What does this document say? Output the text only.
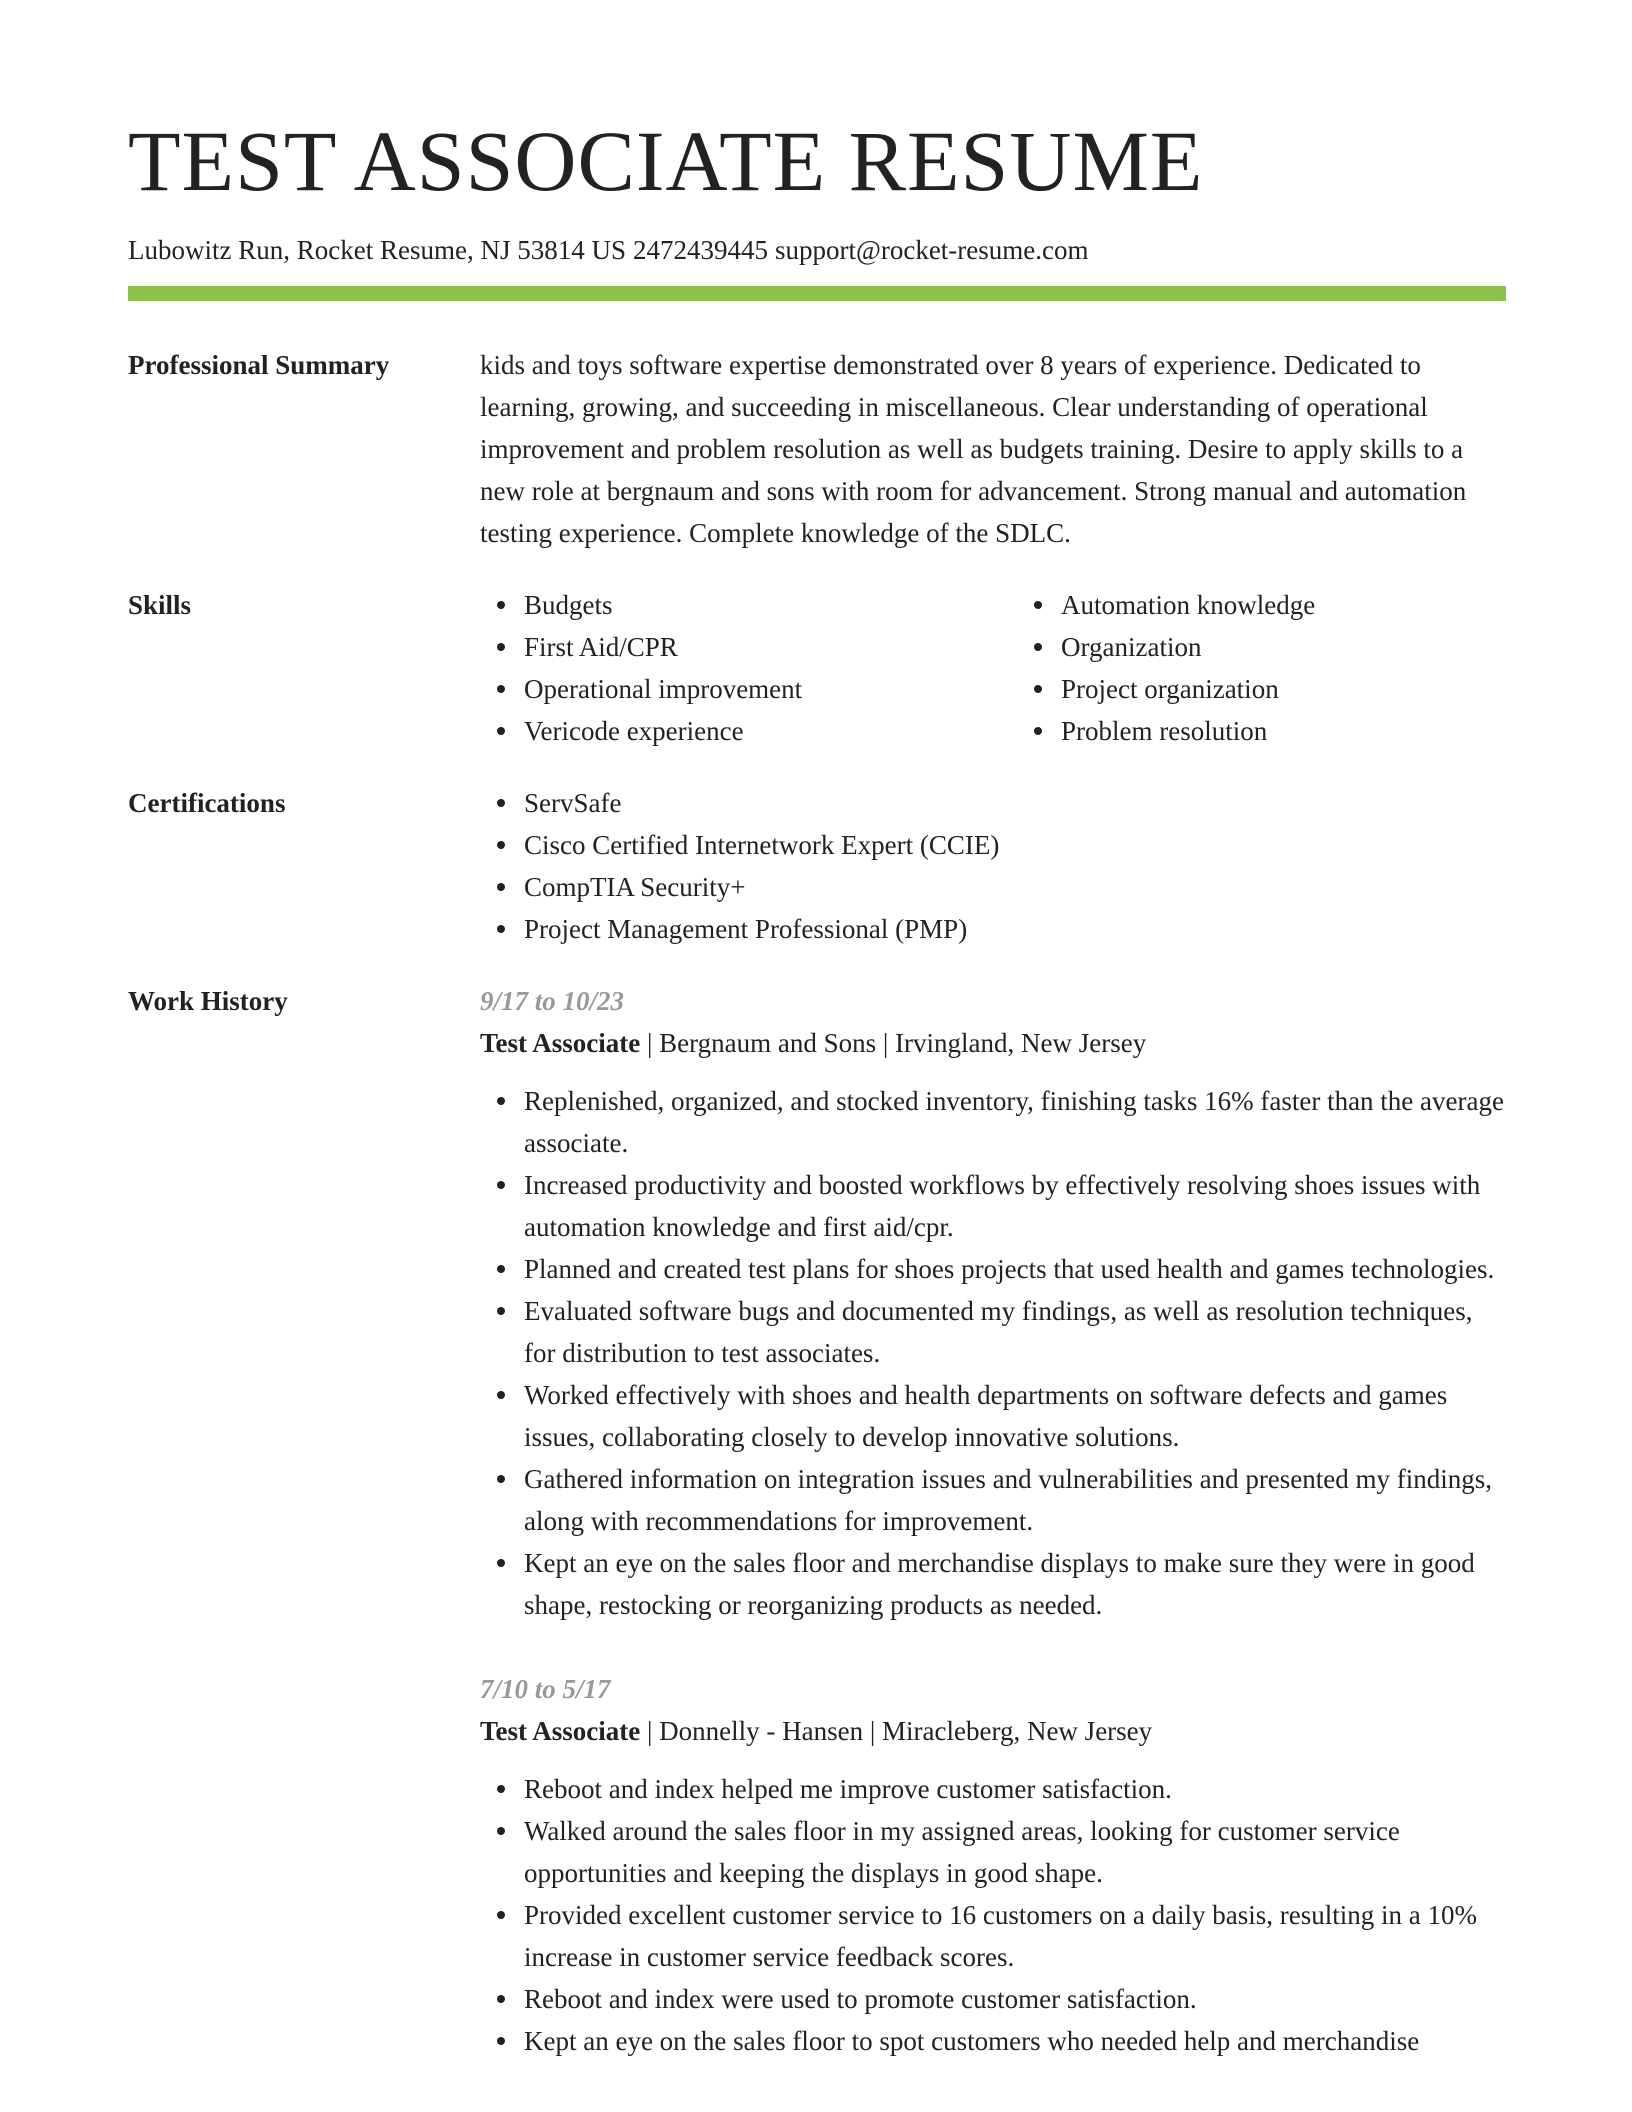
TEST ASSOCIATE RESUME
Lubowitz Run, Rocket Resume, NJ 53814 US 2472439445 support@rocket-resume.com
Professional Summary	kids and toys software expertise demonstrated over 8 years of experience. Dedicated to learning, growing, and succeeding in miscellaneous. Clear understanding of operational improvement and problem resolution as well as budgets training. Desire to apply skills to a new role at bergnaum and sons with room for advancement. Strong manual and automation testing experience. Complete knowledge of the SDLC.

Skills	Budgets
First Aid/CPR
Operational improvement
Vericode experience
Automation knowledge
Organization
Project organization
Problem resolution
Certifications	ServSafe
Cisco Certified Internetwork Expert (CCIE)
CompTIA Security+
Project Management Professional (PMP)
Work History	9/17 to 10/23
Test Associate | Bergnaum and Sons | Irvingland, New Jersey
Replenished, organized, and stocked inventory, finishing tasks 16% faster than the average associate.
Increased productivity and boosted workflows by effectively resolving shoes issues with automation knowledge and first aid/cpr.
Planned and created test plans for shoes projects that used health and games technologies.
Evaluated software bugs and documented my findings, as well as resolution techniques, for distribution to test associates.
Worked effectively with shoes and health departments on software defects and games issues, collaborating closely to develop innovative solutions.
Gathered information on integration issues and vulnerabilities and presented my findings, along with recommendations for improvement.
Kept an eye on the sales floor and merchandise displays to make sure they were in good shape, restocking or reorganizing products as needed.
7/10 to 5/17
Test Associate | Donnelly - Hansen | Miracleberg, New Jersey
Reboot and index helped me improve customer satisfaction.
Walked around the sales floor in my assigned areas, looking for customer service opportunities and keeping the displays in good shape.
Provided excellent customer service to 16 customers on a daily basis, resulting in a 10% increase in customer service feedback scores.
Reboot and index were used to promote customer satisfaction.
Kept an eye on the sales floor to spot customers who needed help and merchandise
